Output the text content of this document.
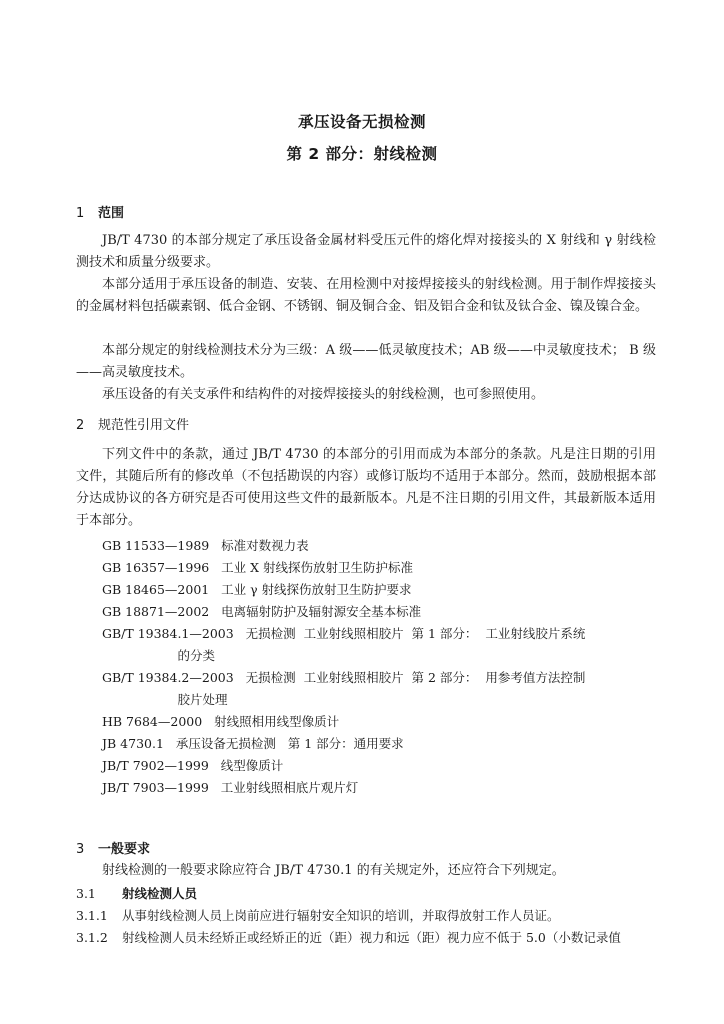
承压设备无损检测
第 2 部分：射线检测
1 范围
JB/T 4730 的本部分规定了承压设备金属材料受压元件的熔化焊对接接头的 X 射线和 γ 射线检测技术和质量分级要求。
本部分适用于承压设备的制造、安装、在用检测中对接焊接接头的射线检测。用于制作焊接接头的金属材料包括碳素钢、低合金钢、不锈钢、铜及铜合金、铝及铝合金和钛及钛合金、镍及镍合金。
本部分规定的射线检测技术分为三级：A 级——低灵敏度技术；AB 级——中灵敏度技术； B 级——高灵敏度技术。
承压设备的有关支承件和结构件的对接焊接接头的射线检测，也可参照使用。
2 规范性引用文件
下列文件中的条款，通过 JB/T 4730 的本部分的引用而成为本部分的条款。凡是注日期的引用文件，其随后所有的修改单（不包括勘误的内容）或修订版均不适用于本部分。然而，鼓励根据本部分达成协议的各方研究是否可使用这些文件的最新版本。凡是不注日期的引用文件，其最新版本适用于本部分。
GB 11533—1989   标准对数视力表
GB 16357—1996   工业 X 射线探伤放射卫生防护标准
GB 18465—2001   工业 γ 射线探伤放射卫生防护要求
GB 18871—2002   电离辐射防护及辐射源安全基本标准
GB/T 19384.1—2003   无损检测  工业射线照相胶片  第 1 部分：  工业射线胶片系统
的分类
GB/T 19384.2—2003   无损检测  工业射线照相胶片  第 2 部分：  用参考值方法控制
胶片处理
HB 7684—2000   射线照相用线型像质计
JB 4730.1   承压设备无损检测   第 1 部分：通用要求
JB/T 7902—1999   线型像质计
JB/T 7903—1999   工业射线照相底片观片灯
3 一般要求
射线检测的一般要求除应符合 JB/T 4730.1 的有关规定外，还应符合下列规定。
3.1 射线检测人员
3.1.1 从事射线检测人员上岗前应进行辐射安全知识的培训，并取得放射工作人员证。
3.1.2 射线检测人员未经矫正或经矫正的近（距）视力和远（距）视力应不低于 5.0（小数记录值
